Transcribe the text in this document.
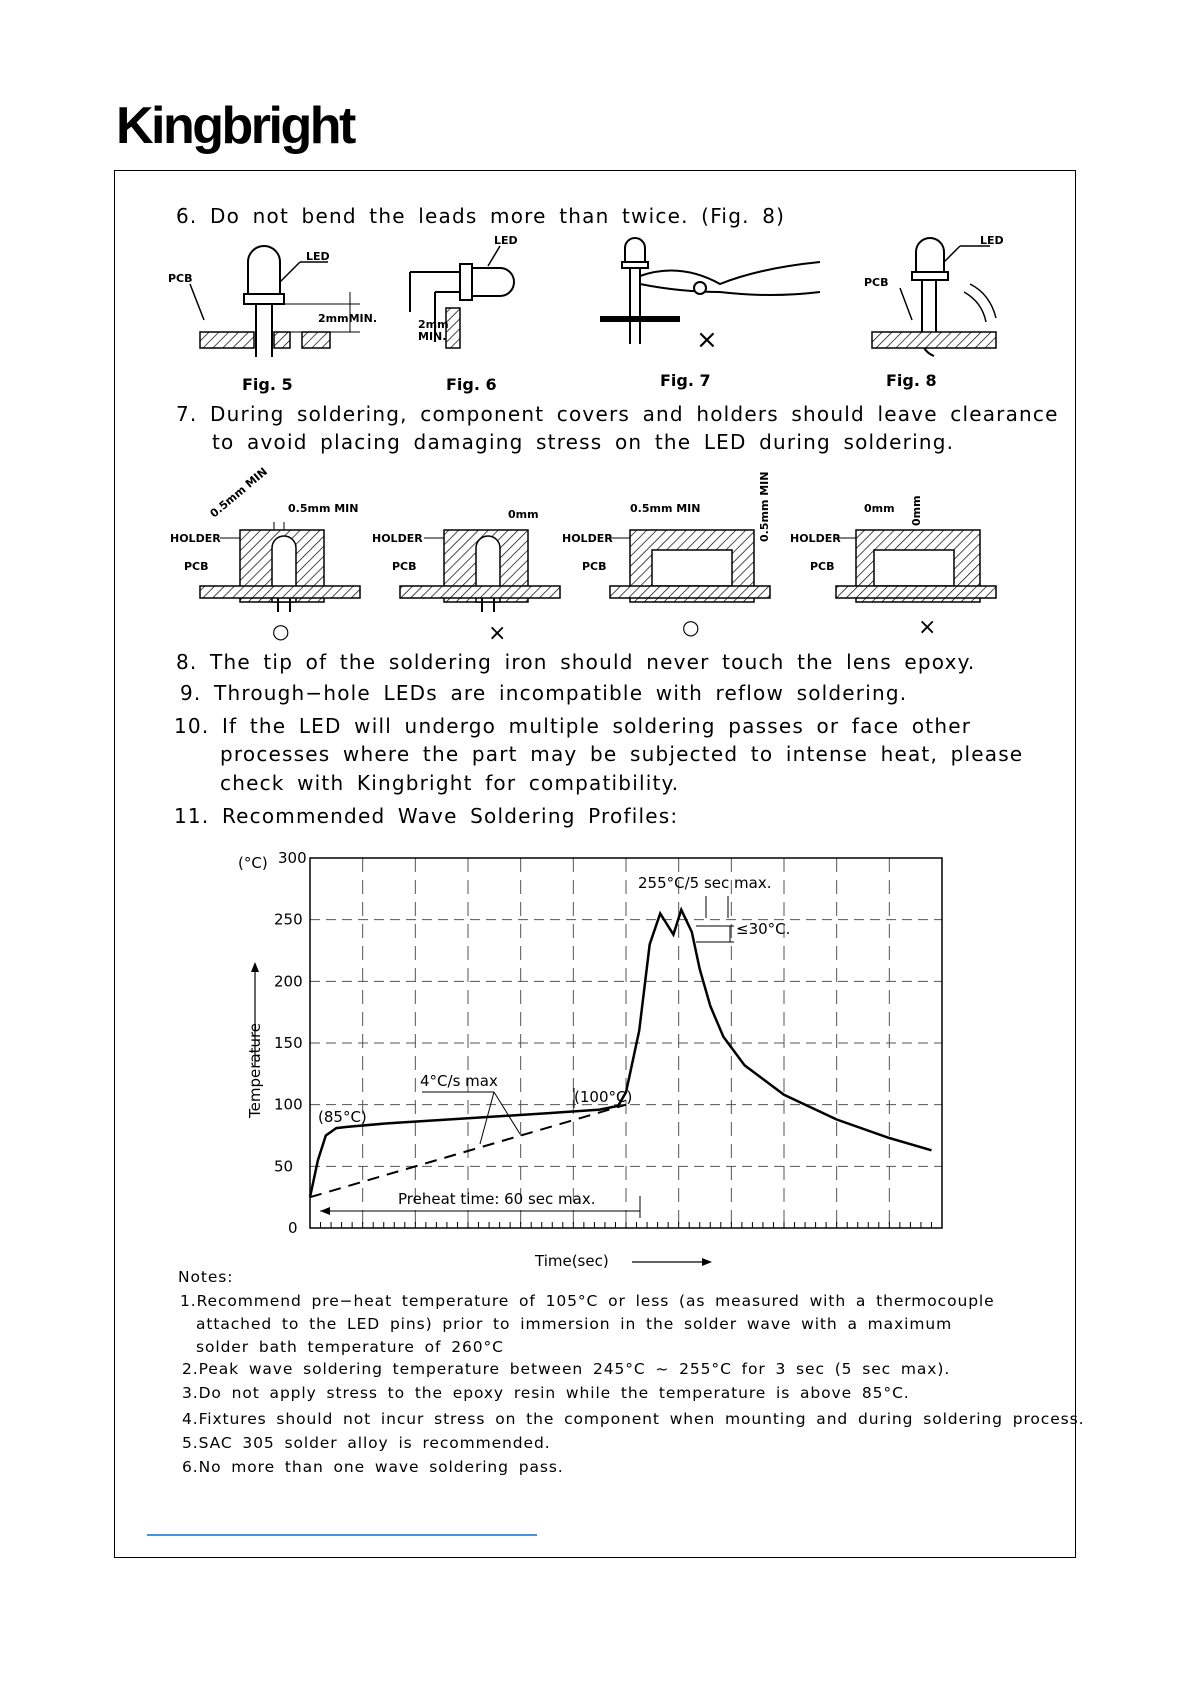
Kingbright
6. Do not bend the leads more than twice. (Fig. 8)
LED
PCB
2mmMIN.
Fig. 5
LED
2mm
MIN.
Fig. 6
×
Fig. 7
LED
PCB
Fig. 8
7. During soldering, component covers and holders should leave clearance
to avoid placing damaging stress on the LED during soldering.
0.5mm MIN 0.5mm MIN
HOLDER
PCB
○
0mm
HOLDER
PCB
×
0.5mm MIN	0.5mm MIN
HOLDER
PCB
○
0mm 0mm
HOLDER
PCB
×
8. The tip of the soldering iron should never touch the lens epoxy.
9. Through−hole LEDs are incompatible with reflow soldering.
10. If the LED will undergo multiple soldering passes or face other
processes where the part may be subjected to intense heat, please
check with Kingbright for compatibility.
11. Recommended Wave Soldering Profiles:
0
50
100
150
200
250
300
(°C)
Temperature
Time(sec)
255°C/5 sec max.
≤30°C.
4°C/s max
(85°C)
(100°C)
Preheat time: 60 sec max.
Notes:
1.Recommend pre−heat temperature of 105°C or less (as measured with a thermocouple
attached to the LED pins) prior to immersion in the solder wave with a maximum
solder bath temperature of 260°C
2.Peak wave soldering temperature between 245°C ~ 255°C for 3 sec (5 sec max).
3.Do not apply stress to the epoxy resin while the temperature is above 85°C.
4.Fixtures should not incur stress on the component when mounting and during soldering process.
5.SAC 305 solder alloy is recommended.
6.No more than one wave soldering pass.
